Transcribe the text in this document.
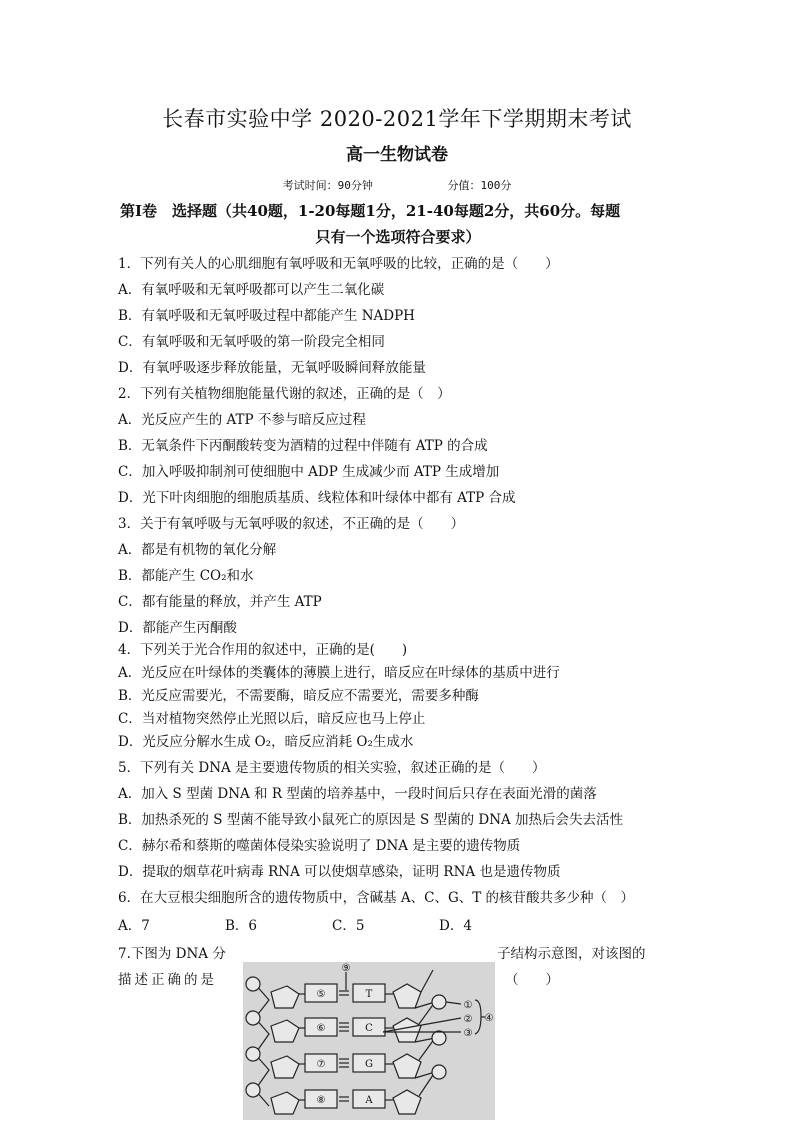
长春市实验中学 2020-2021学年下学期期末考试
高一生物试卷
考试时间：90分钟	分值：100分
第Ⅰ卷　选择题（共40题，1-20每题1分，21-40每题2分，共60分。每题
只有一个选项符合要求）
1．下列有关人的心肌细胞有氧呼吸和无氧呼吸的比较，正确的是（　　）
A．有氧呼吸和无氧呼吸都可以产生二氧化碳
B．有氧呼吸和无氧呼吸过程中都能产生 NADPH
C．有氧呼吸和无氧呼吸的第一阶段完全相同
D．有氧呼吸逐步释放能量，无氧呼吸瞬间释放能量
2．下列有关植物细胞能量代谢的叙述，正确的是（　）
A．光反应产生的 ATP 不参与暗反应过程
B．无氧条件下丙酮酸转变为酒精的过程中伴随有 ATP 的合成
C．加入呼吸抑制剂可使细胞中 ADP 生成减少而 ATP 生成增加
D．光下叶肉细胞的细胞质基质、线粒体和叶绿体中都有 ATP 合成
3．关于有氧呼吸与无氧呼吸的叙述，不正确的是（　　）
A．都是有机物的氧化分解
B．都能产生 CO₂和水
C．都有能量的释放，并产生 ATP
D．都能产生丙酮酸
4．下列关于光合作用的叙述中，正确的是(　　)
A．光反应在叶绿体的类囊体的薄膜上进行，暗反应在叶绿体的基质中进行
B．光反应需要光，不需要酶，暗反应不需要光，需要多种酶
C．当对植物突然停止光照以后，暗反应也马上停止
D．光反应分解水生成 O₂，暗反应消耗 O₂生成水
5．下列有关 DNA 是主要遗传物质的相关实验，叙述正确的是（　　）
A．加入 S 型菌 DNA 和 R 型菌的培养基中，一段时间后只存在表面光滑的菌落
B．加热杀死的 S 型菌不能导致小鼠死亡的原因是 S 型菌的 DNA 加热后会失去活性
C．赫尔希和蔡斯的噬菌体侵染实验说明了 DNA 是主要的遗传物质
D．提取的烟草花叶病毒 RNA 可以使烟草感染，证明 RNA 也是遗传物质
6．在大豆根尖细胞所含的遗传物质中，含碱基 A、C、G、T 的核苷酸共多少种（　）
A．7	B．6	C．5	D．4
7.下图为 DNA 分	子结构示意图，对该图的
描述正确的是	（　　）
⑤
⑥
⑦
⑧
T
C
G
A
⑨
①
②
③
④
